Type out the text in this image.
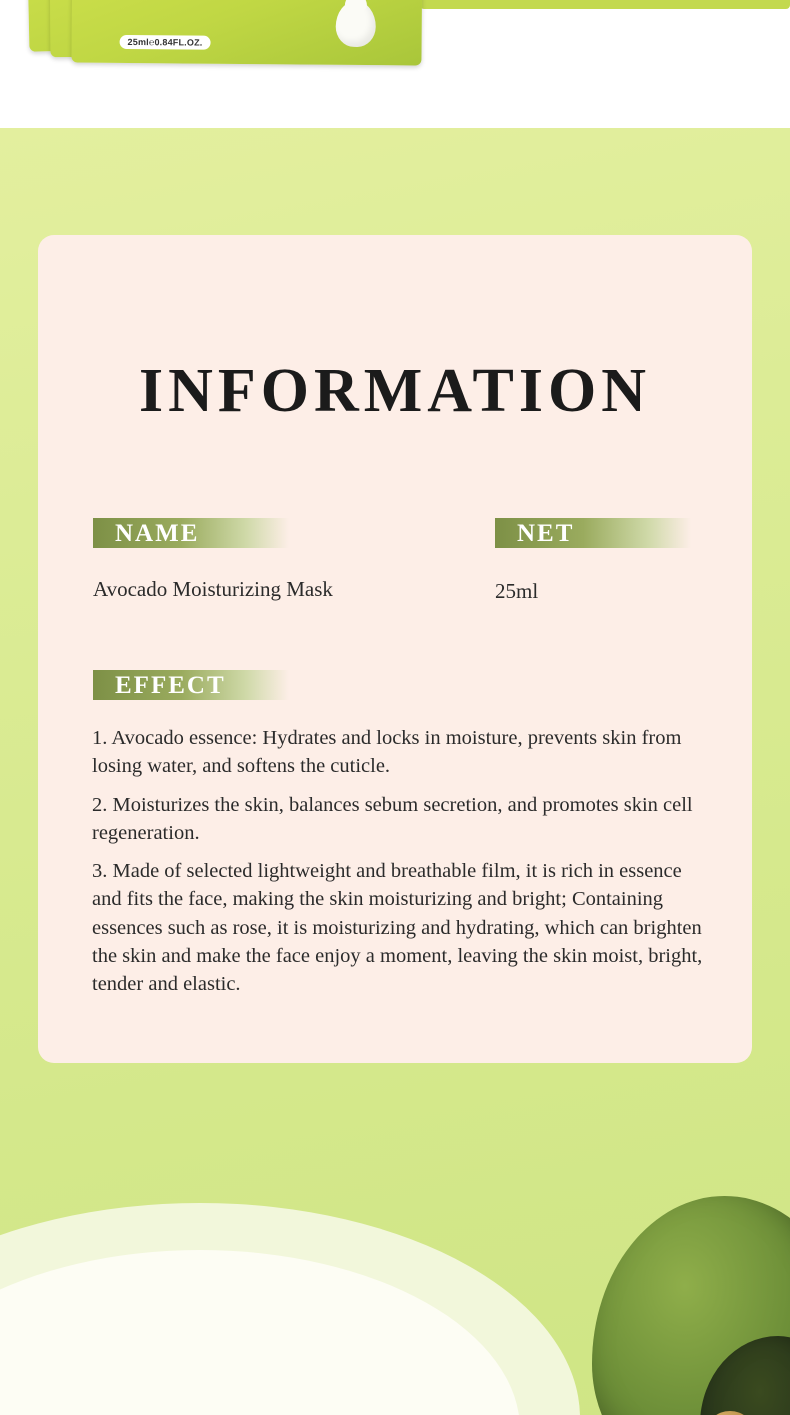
25ml℮0.84FL.OZ.
INFORMATION
NAME
Avocado Moisturizing Mask
NET
25ml
EFFECT

1. Avocado essence: Hydrates and locks in moisture, prevents skin from losing water, and softens the cuticle.

2. Moisturizes the skin, balances sebum secretion, and promotes skin cell regeneration.

3. Made of selected lightweight and breathable film, it is rich in essence and fits the face, making the skin moisturizing and bright; Containing essences such as rose, it is moisturizing and hydrating, which can brighten the skin and make the face enjoy a moment, leaving the skin moist, bright, tender and elastic.
